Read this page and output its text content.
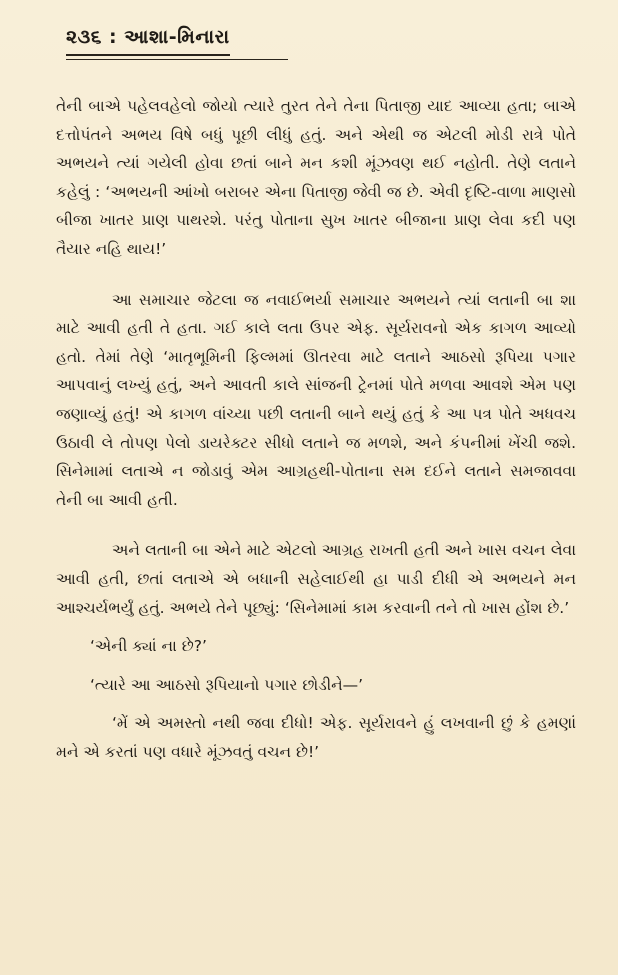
૨૩૬ : આશા-મિનારા

તેની બાએ પહેલવહેલો જોયો ત્યારે તુરત તેને તેના પિતાજી યાદ આવ્યા હતા; બાએ દત્તોપંતને અભય વિષે બધું પૂછી લીધું હતું. અને એથી જ એટલી મોડી રાત્રે પોતે અભયને ત્યાં ગયેલી હોવા છતાં બાને મન કશી મૂંઝવણ થઈ નહોતી. તેણે લતાને કહેલું : ‘અભયની આંખો બરાબર એના પિતાજી જેવી જ છે. એવી દૃષ્ટિ-વાળા માણસો બીજા ખાતર પ્રાણ પાથરશે. પરંતુ પોતાના સુખ ખાતર બીજાના પ્રાણ લેવા કદી પણ તૈયાર નહિ થાય!’

આ સમાચાર જેટલા જ નવાઈભર્યા સમાચાર અભયને ત્યાં લતાની બા શા માટે આવી હતી તે હતા. ગઈ કાલે લતા ઉપર એફ. સૂર્યરાવનો એક કાગળ આવ્યો હતો. તેમાં તેણે ‘માતૃભૂમિની ફિલ્મમાં ઊતરવા માટે લતાને આઠસો રૂપિયા પગાર આપવાનું લખ્યું હતું, અને આવતી કાલે સાંજની ટ્રેનમાં પોતે મળવા આવશે એમ પણ જણાવ્યું હતું! એ કાગળ વાંચ્યા પછી લતાની બાને થયું હતું કે આ પત્ર પોતે અધવચ ઉઠાવી લે તોપણ પેલો ડાયરેક્ટર સીધો લતાને જ મળશે, અને કંપનીમાં ખેંચી જશે. સિનેમામાં લતાએ ન જોડાવું એમ આગ્રહથી-પોતાના સમ દઈને લતાને સમજાવવા તેની બા આવી હતી.

અને લતાની બા એને માટે એટલો આગ્રહ રાખતી હતી અને ખાસ વચન લેવા આવી હતી, છતાં લતાએ એ બધાની સહેલાઈથી હા પાડી દીધી એ અભયને મન આશ્ચર્યભર્યું હતું. અભયે તેને પૂછ્યું: ‘સિનેમામાં કામ કરવાની તને તો ખાસ હોંશ છે.’

‘એની ક્યાં ના છે?’

‘ત્યારે આ આઠસો રૂપિયાનો પગાર છોડીને—’

‘મેં એ અમસ્તો નથી જવા દીધો! એફ. સૂર્યરાવને હું લખવાની છું કે હમણાં મને એ કરતાં પણ વધારે મૂંઝવતું વચન છે!’
